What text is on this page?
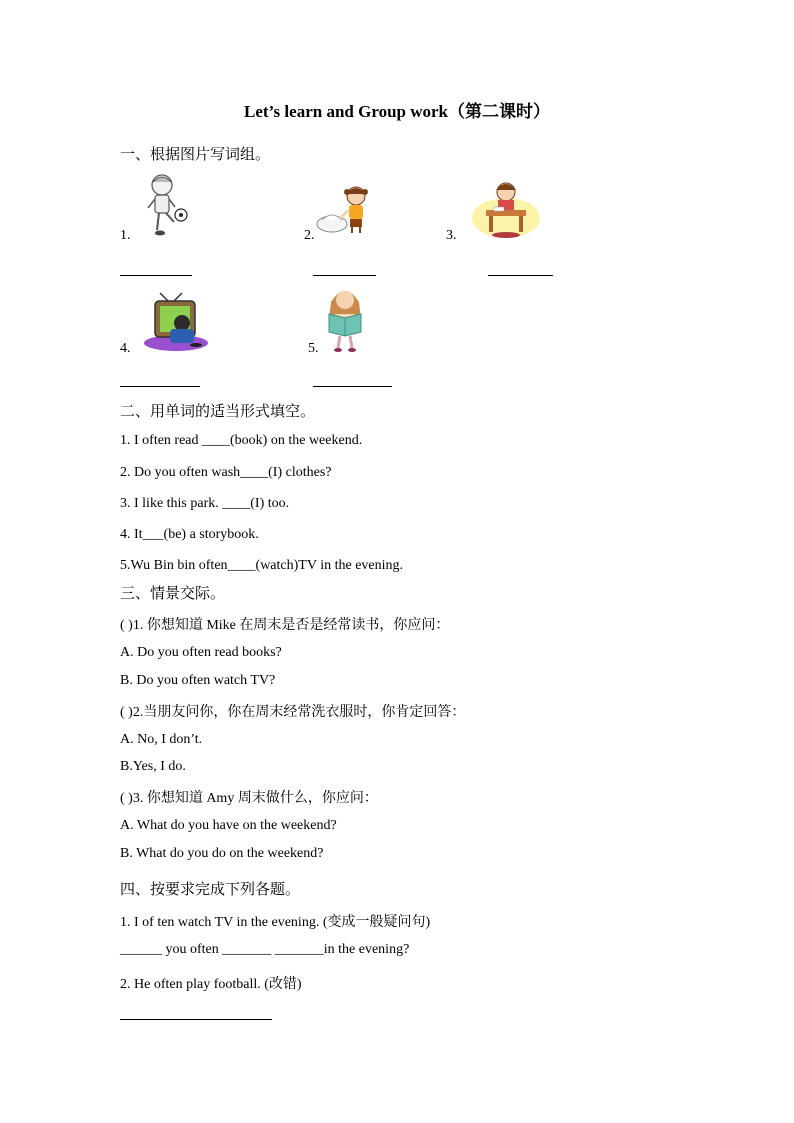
Let’s learn and Group work（第二课时）
一、根据图片写词组。
1.	2.	3.
4.	5.
二、用单词的适当形式填空。
1. I often read ____(book) on the weekend.
2. Do you often wash____(I) clothes?
3. I like this park. ____(I) too.
4. It___(be) a storybook.
5.Wu Bin bin often____(watch)TV in the evening.
三、情景交际。
( )1. 你想知道 Mike 在周末是否是经常读书，你应问：
A. Do you often read books?
B. Do you often watch TV?
( )2.当朋友问你，你在周末经常洗衣服时，你肯定回答：
A. No, I don’t.
B.Yes, I do.
( )3. 你想知道 Amy 周末做什么，你应问：
A. What do you have on the weekend?
B. What do you do on the weekend?
四、按要求完成下列各题。
1. I of ten watch TV in the evening. (变成一般疑问句)
______ you often _______ _______in the evening?
2. He often play football. (改错)
